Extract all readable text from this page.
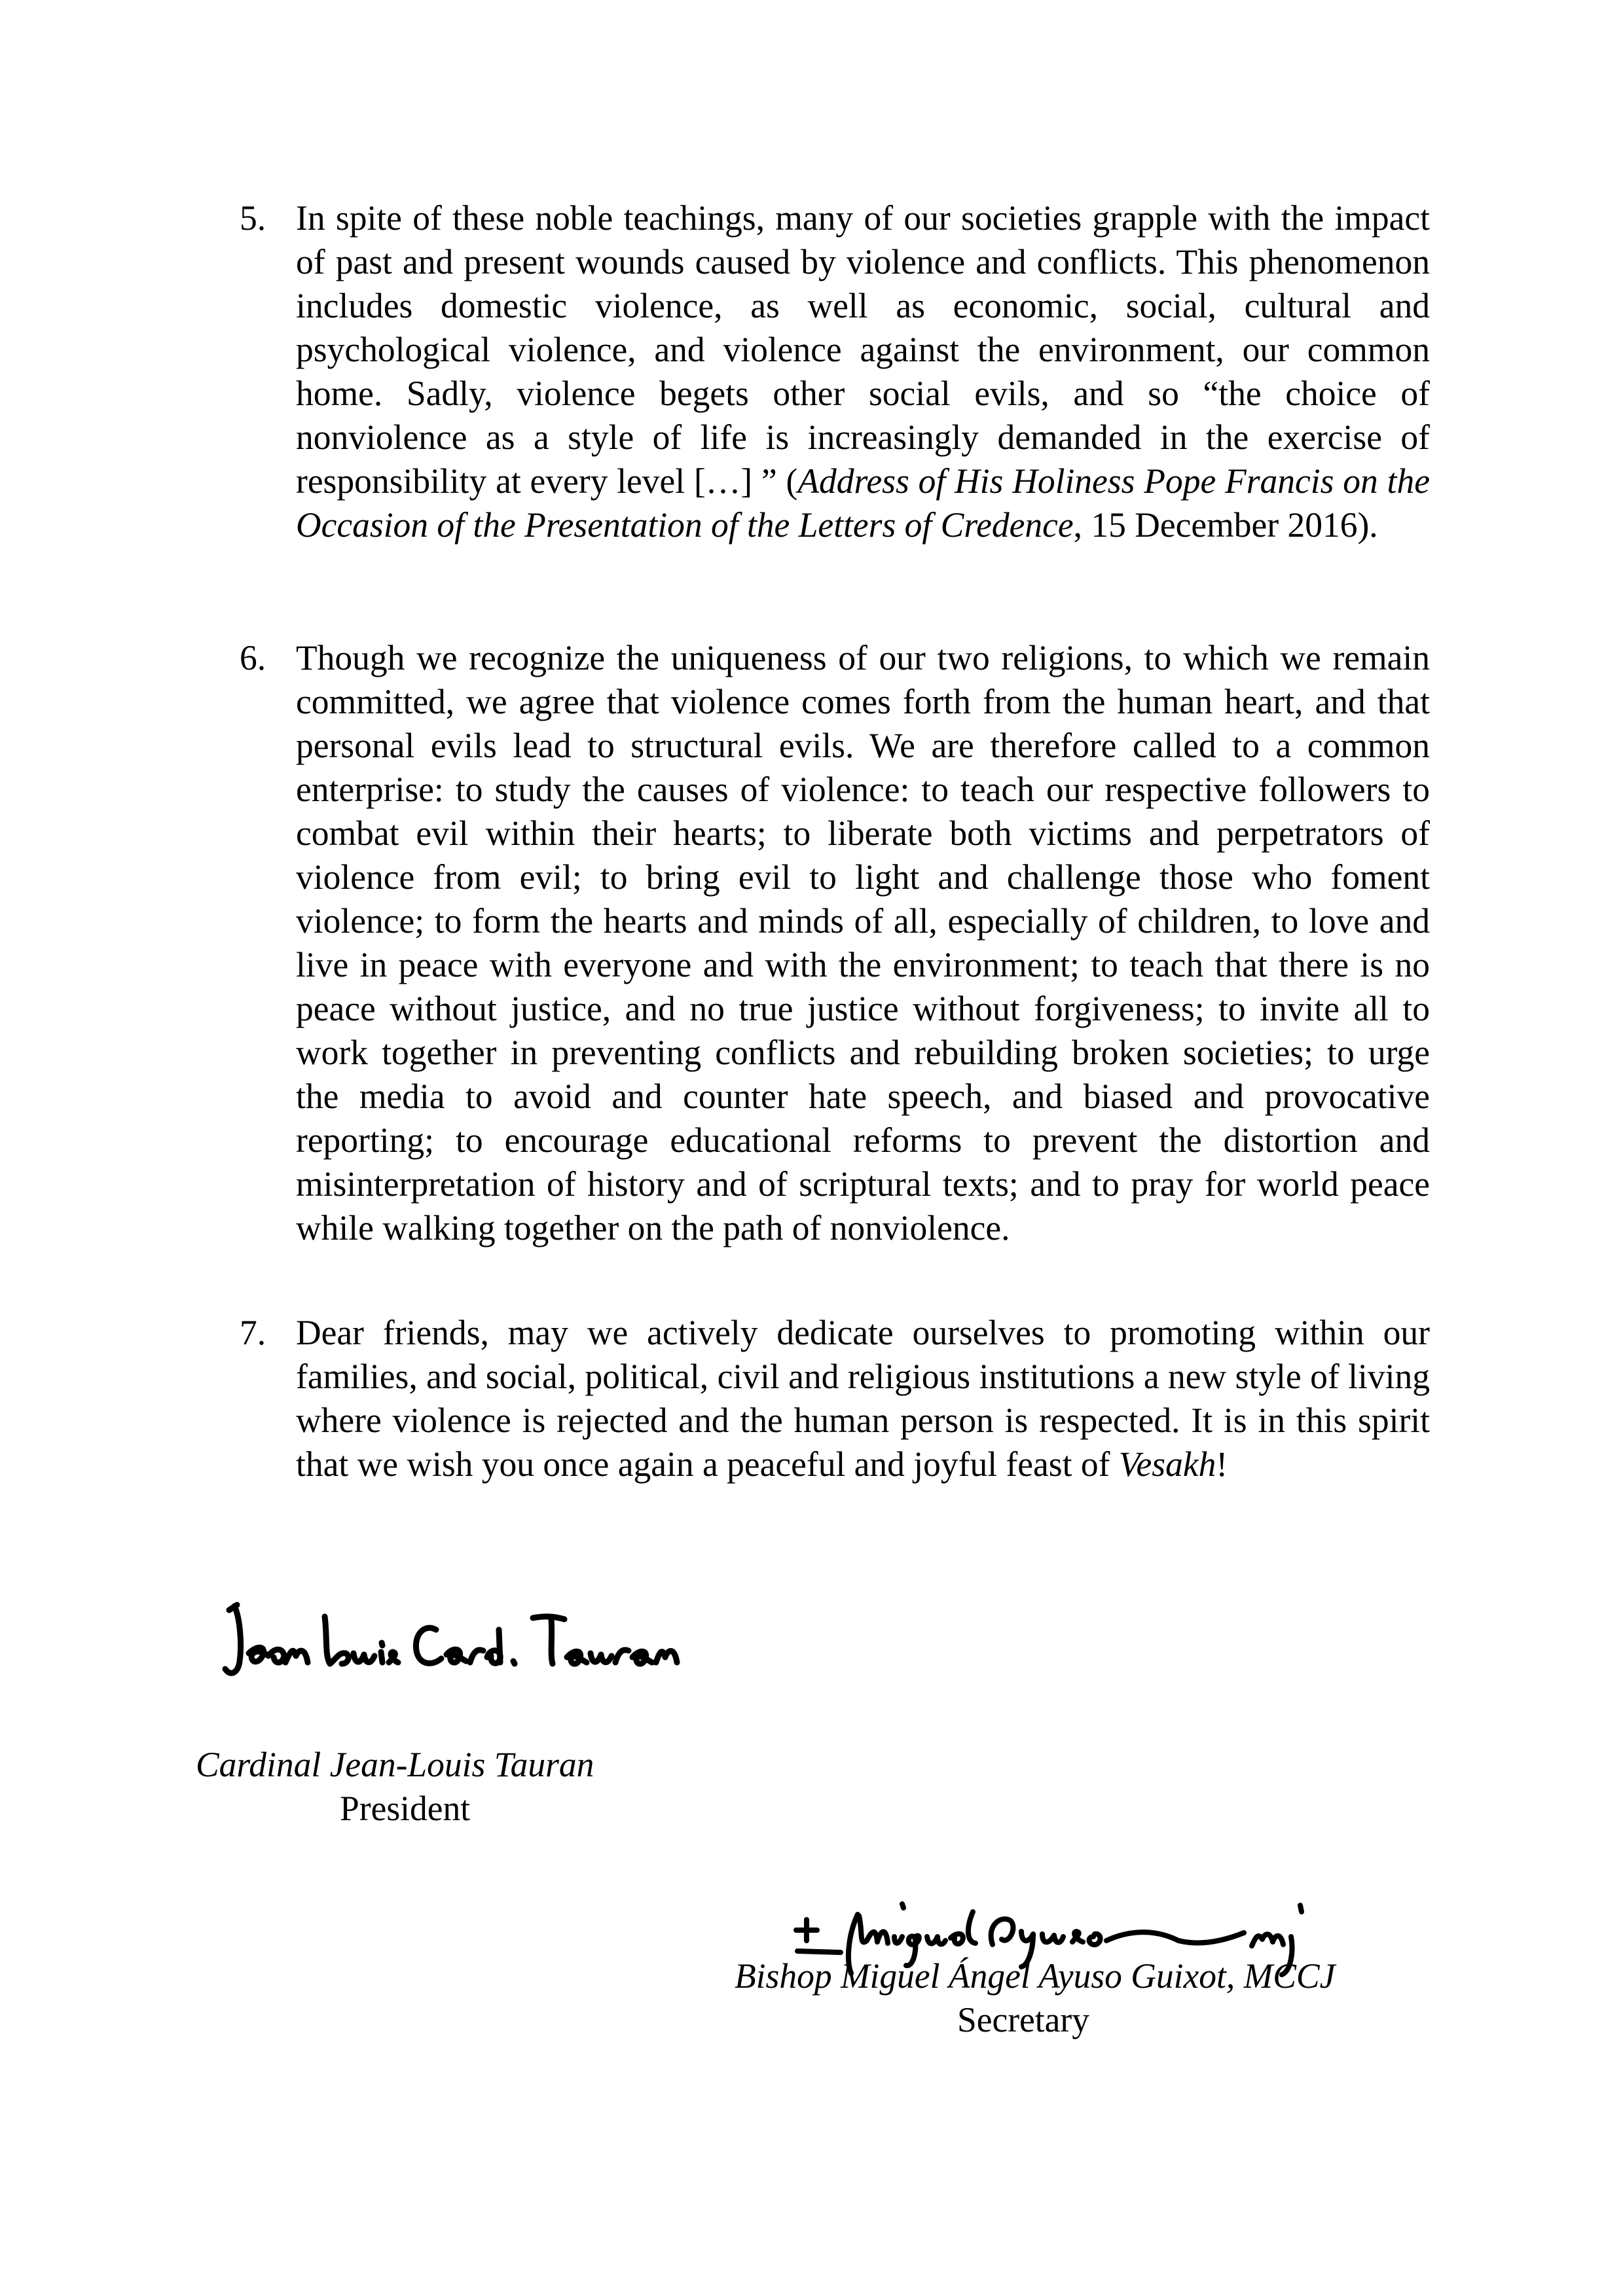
5. In spite of these noble teachings, many of our societies grapple with the impact of past and present wounds caused by violence and conflicts. This phenomenon includes domestic violence, as well as economic, social, cultural and psychological violence, and violence against the environment, our common home. Sadly, violence begets other social evils, and so “the choice of nonviolence as a style of life is increasingly demanded in the exercise of responsibility at every level […] ” (Address of His Holiness Pope Francis on the Occasion of the Presentation of the Letters of Credence, 15 December 2016).
6. Though we recognize the uniqueness of our two religions, to which we remain committed, we agree that violence comes forth from the human heart, and that personal evils lead to structural evils. We are therefore called to a common enterprise: to study the causes of violence: to teach our respective followers to combat evil within their hearts; to liberate both victims and perpetrators of violence from evil; to bring evil to light and challenge those who foment violence; to form the hearts and minds of all, especially of children, to love and live in peace with everyone and with the environment; to teach that there is no peace without justice, and no true justice without forgiveness; to invite all to work together in preventing conflicts and rebuilding broken societies; to urge the media to avoid and counter hate speech, and biased and provocative reporting; to encourage educational reforms to prevent the distortion and misinterpretation of history and of scriptural texts; and to pray for world peace while walking together on the path of nonviolence.
7. Dear friends, may we actively dedicate ourselves to promoting within our families, and social, political, civil and religious institutions a new style of living where violence is rejected and the human person is respected. It is in this spirit that we wish you once again a peaceful and joyful feast of Vesakh!
Cardinal Jean-Louis Tauran
President
Bishop Miguel Ángel Ayuso Guixot, MCCJ
Secretary
